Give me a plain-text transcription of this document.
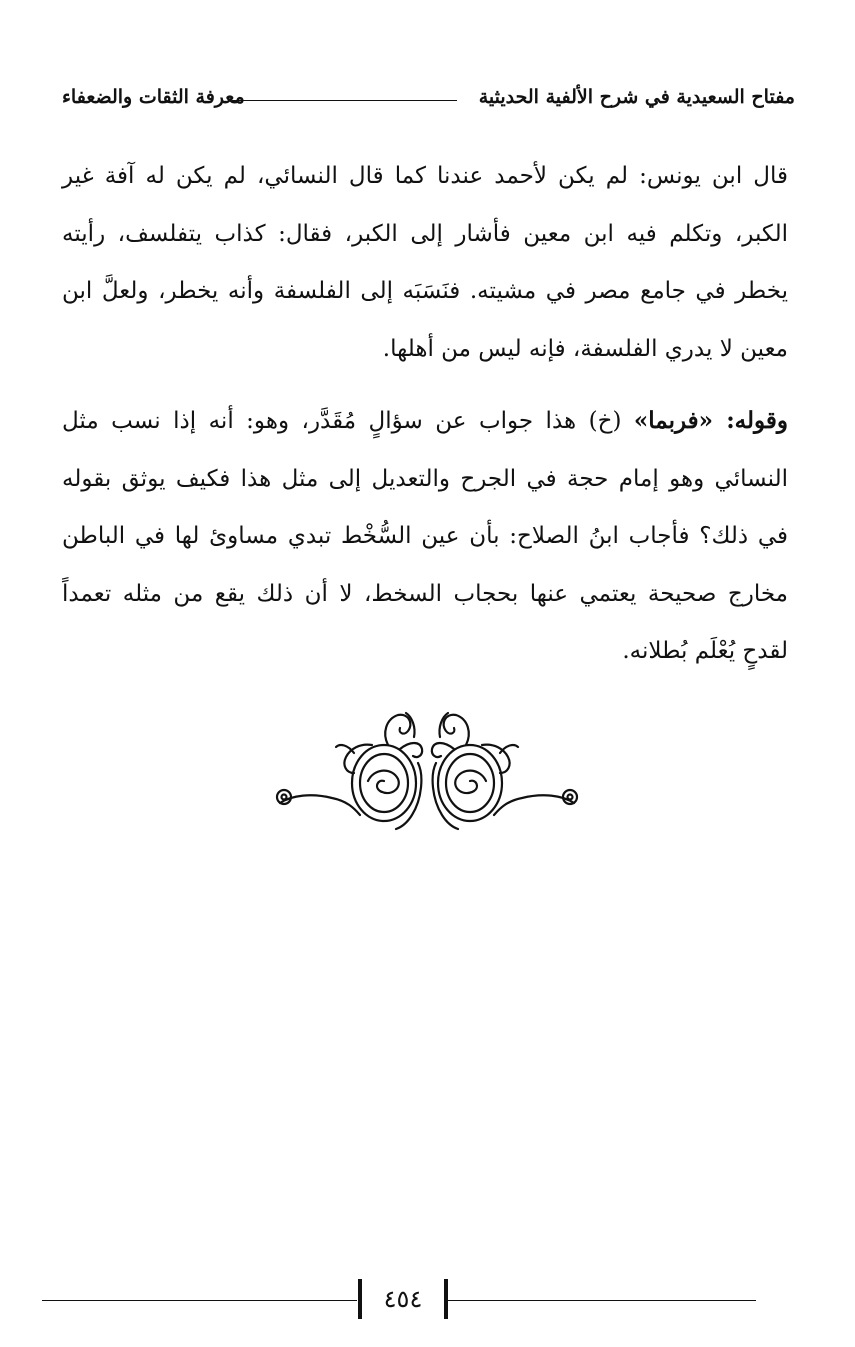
مفتاح السعيدية في شرح الألفية الحديثية
معرفة الثقات والضعفاء

قال ابن يونس: لم يكن لأحمد عندنا كما قال النسائي، لم يكن له آفة غير الكبر، وتكلم فيه ابن معين فأشار إلى الكبر، فقال: كذاب يتفلسف، رأيته يخطر في جامع مصر في مشيته. فنَسَبَه إلى الفلسفة وأنه يخطر، ولعلَّ ابن معين لا يدري الفلسفة، فإنه ليس من أهلها.

وقوله: «فربما» (خ) هذا جواب عن سؤالٍ مُقَدَّر، وهو: أنه إذا نسب مثل النسائي وهو إمام حجة في الجرح والتعديل إلى مثل هذا فكيف يوثق بقوله في ذلك؟ فأجاب ابنُ الصلاح: بأن عين السُّخْط تبدي مساوئ لها في الباطن مخارج صحيحة يعتمي عنها بحجاب السخط، لا أن ذلك يقع من مثله تعمداً لقدحٍ يُعْلَم بُطلانه.

٤٥٤
